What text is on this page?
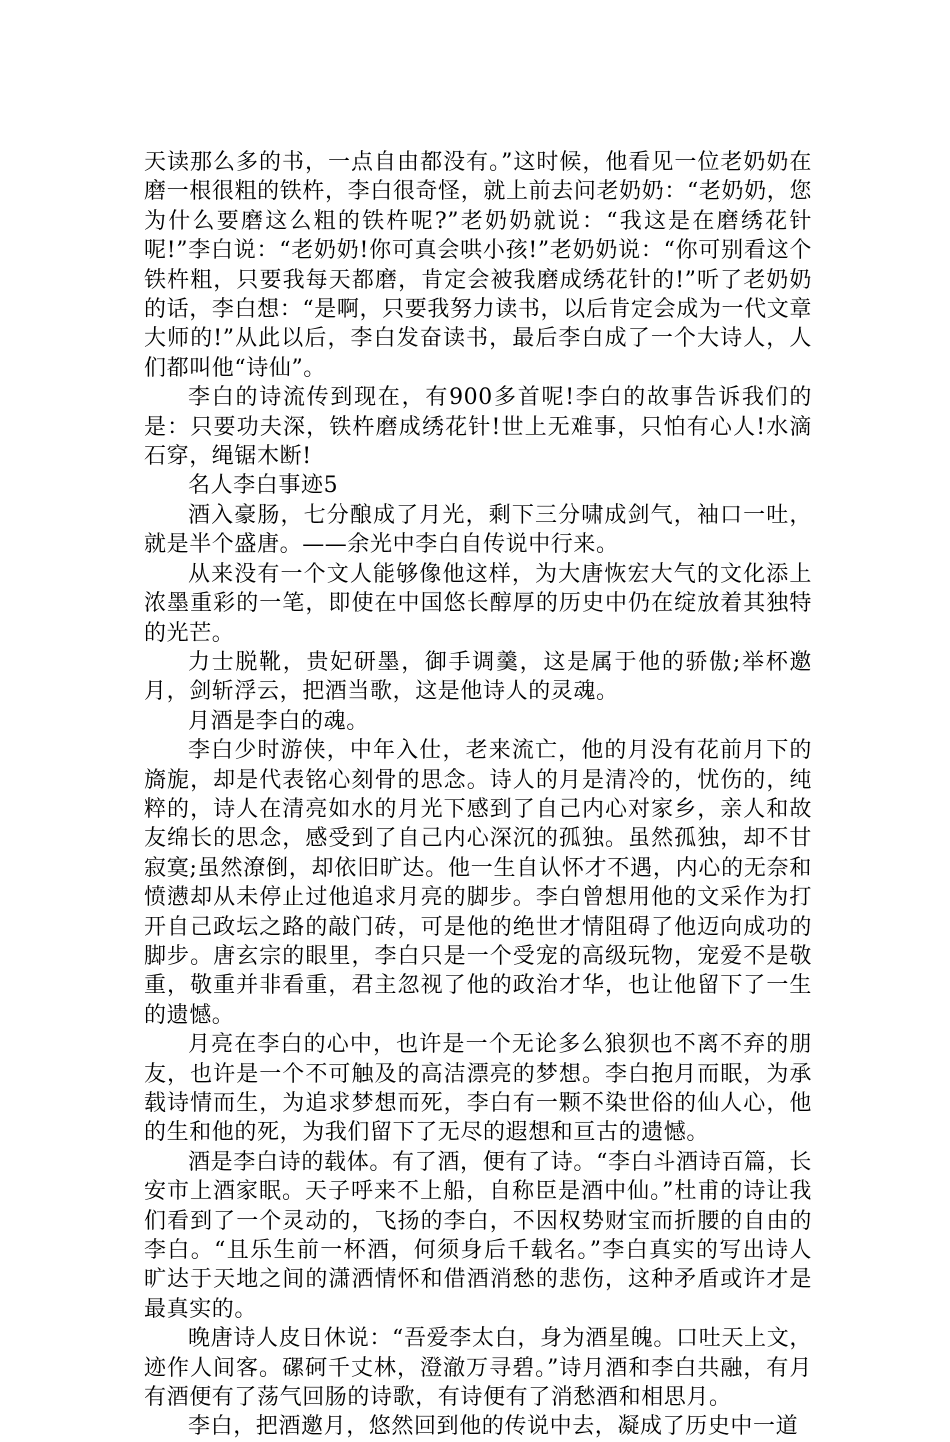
天读那么多的书，一点自由都没有。”这时候，他看见一位老奶奶在磨一根很粗的铁杵，李白很奇怪，就上前去问老奶奶：“老奶奶，您为什么要磨这么粗的铁杵呢?”老奶奶就说：“我这是在磨绣花针呢!”李白说：“老奶奶!你可真会哄小孩!”老奶奶说：“你可别看这个铁杵粗，只要我每天都磨，肯定会被我磨成绣花针的!”听了老奶奶的话，李白想：“是啊，只要我努力读书，以后肯定会成为一代文章大师的!”从此以后，李白发奋读书，最后李白成了一个大诗人，人们都叫他“诗仙”。

李白的诗流传到现在，有900多首呢!李白的故事告诉我们的是：只要功夫深，铁杵磨成绣花针!世上无难事，只怕有心人!水滴石穿，绳锯木断!

名人李白事迹5

酒入豪肠，七分酿成了月光，剩下三分啸成剑气，袖口一吐，就是半个盛唐。——余光中李白自传说中行来。

从来没有一个文人能够像他这样，为大唐恢宏大气的文化添上浓墨重彩的一笔，即使在中国悠长醇厚的历史中仍在绽放着其独特的光芒。

力士脱靴，贵妃研墨，御手调羹，这是属于他的骄傲;举杯邀月，剑斩浮云，把酒当歌，这是他诗人的灵魂。

月酒是李白的魂。

李白少时游侠，中年入仕，老来流亡，他的月没有花前月下的旖旎，却是代表铭心刻骨的思念。诗人的月是清冷的，忧伤的，纯粹的，诗人在清亮如水的月光下感到了自己内心对家乡，亲人和故友绵长的思念，感受到了自己内心深沉的孤独。虽然孤独，却不甘寂寞;虽然潦倒，却依旧旷达。他一生自认怀才不遇，内心的无奈和愤懑却从未停止过他追求月亮的脚步。李白曾想用他的文采作为打开自己政坛之路的敲门砖，可是他的绝世才情阻碍了他迈向成功的脚步。唐玄宗的眼里，李白只是一个受宠的高级玩物，宠爱不是敬重，敬重并非看重，君主忽视了他的政治才华，也让他留下了一生的遗憾。

月亮在李白的心中，也许是一个无论多么狼狈也不离不弃的朋友，也许是一个不可触及的高洁漂亮的梦想。李白抱月而眠，为承载诗情而生，为追求梦想而死，李白有一颗不染世俗的仙人心，他的生和他的死，为我们留下了无尽的遐想和亘古的遗憾。

酒是李白诗的载体。有了酒，便有了诗。“李白斗酒诗百篇，长安市上酒家眠。天子呼来不上船，自称臣是酒中仙。”杜甫的诗让我们看到了一个灵动的，飞扬的李白，不因权势财宝而折腰的自由的李白。“且乐生前一杯酒，何须身后千载名。”李白真实的写出诗人旷达于天地之间的潇洒情怀和借酒消愁的悲伤，这种矛盾或许才是最真实的。

晚唐诗人皮日休说：“吾爱李太白，身为酒星魄。口吐天上文，迹作人间客。磥砢千丈林，澄澈万寻碧。”诗月酒和李白共融，有月有酒便有了荡气回肠的诗歌，有诗便有了消愁酒和相思月。

李白，把酒邀月，悠然回到他的传说中去，凝成了历史中一道
